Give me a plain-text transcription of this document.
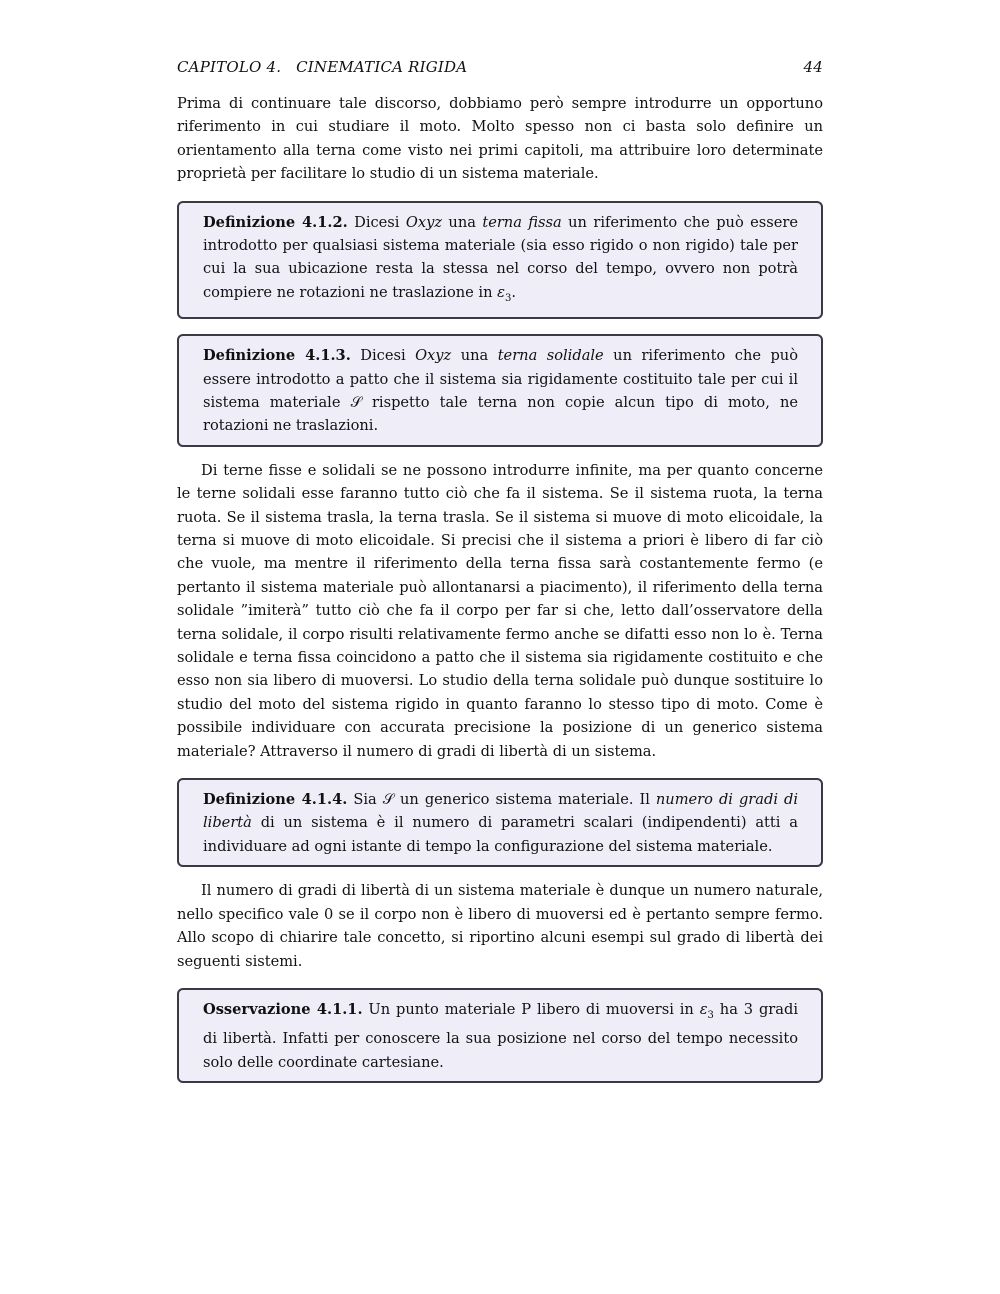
CAPITOLO 4.   CINEMATICA RIGIDA	44

Prima di continuare tale discorso, dobbiamo però sempre introdurre un opportuno riferimento in cui studiare il moto. Molto spesso non ci basta solo definire un orientamento alla terna come visto nei primi capitoli, ma attribuire loro determinate proprietà per facilitare lo studio di un sistema materiale.

Definizione 4.1.2. Dicesi Oxyz una terna fissa un riferimento che può essere introdotto per qualsiasi sistema materiale (sia esso rigido o non rigido) tale per cui la sua ubicazione resta la stessa nel corso del tempo, ovvero non potrà compiere ne rotazioni ne traslazione in $\varepsilon_3$.

Definizione 4.1.3. Dicesi Oxyz una terna solidale un riferimento che può essere introdotto a patto che il sistema sia rigidamente costituito tale per cui il sistema materiale 𝒮 rispetto tale terna non copie alcun tipo di moto, ne rotazioni ne traslazioni.

Di terne fisse e solidali se ne possono introdurre infinite, ma per quanto concerne le terne solidali esse faranno tutto ciò che fa il sistema. Se il sistema ruota, la terna ruota. Se il sistema trasla, la terna trasla. Se il sistema si muove di moto elicoidale, la terna si muove di moto elicoidale. Si precisi che il sistema a priori è libero di far ciò che vuole, ma mentre il riferimento della terna fissa sarà costantemente fermo (e pertanto il sistema materiale può allontanarsi a piacimento), il riferimento della terna solidale ”imiterà” tutto ciò che fa il corpo per far si che, letto dall’osservatore della terna solidale, il corpo risulti relativamente fermo anche se difatti esso non lo è. Terna solidale e terna fissa coincidono a patto che il sistema sia rigidamente costituito e che esso non sia libero di muoversi. Lo studio della terna solidale può dunque sostituire lo studio del moto del sistema rigido in quanto faranno lo stesso tipo di moto. Come è possibile individuare con accurata precisione la posizione di un generico sistema materiale? Attraverso il numero di gradi di libertà di un sistema.

Definizione 4.1.4. Sia 𝒮 un generico sistema materiale. Il numero di gradi di libertà di un sistema è il numero di parametri scalari (indipendenti) atti a individuare ad ogni istante di tempo la configurazione del sistema materiale.

Il numero di gradi di libertà di un sistema materiale è dunque un numero naturale, nello specifico vale 0 se il corpo non è libero di muoversi ed è pertanto sempre fermo. Allo scopo di chiarire tale concetto, si riportino alcuni esempi sul grado di libertà dei seguenti sistemi.

Osservazione 4.1.1. Un punto materiale P libero di muoversi in $\varepsilon_3$ ha 3 gradi di libertà. Infatti per conoscere la sua posizione nel corso del tempo necessito solo delle coordinate cartesiane.
